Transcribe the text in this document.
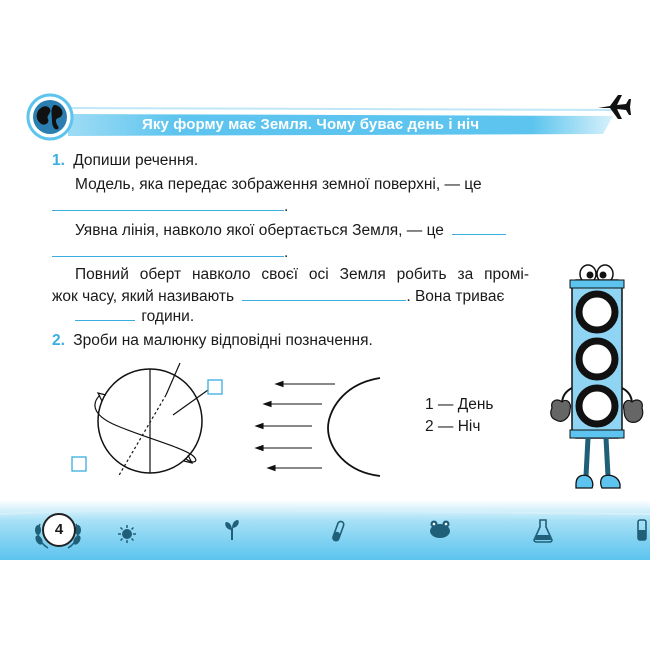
Яку форму має Земля. Чому буває день і ніч
1. Допиши речення.
Модель, яка передає зображення земної поверхні, — це
.
Уявна лінія, навколо якої обертається Земля, — це
.
Повний оберт навколо своєї осі Земля робить за промі-
жок часу, який називають	. Вона триває
години.
2. Зроби на малюнку відповідні позначення.
1 — День
2 — Ніч
4
